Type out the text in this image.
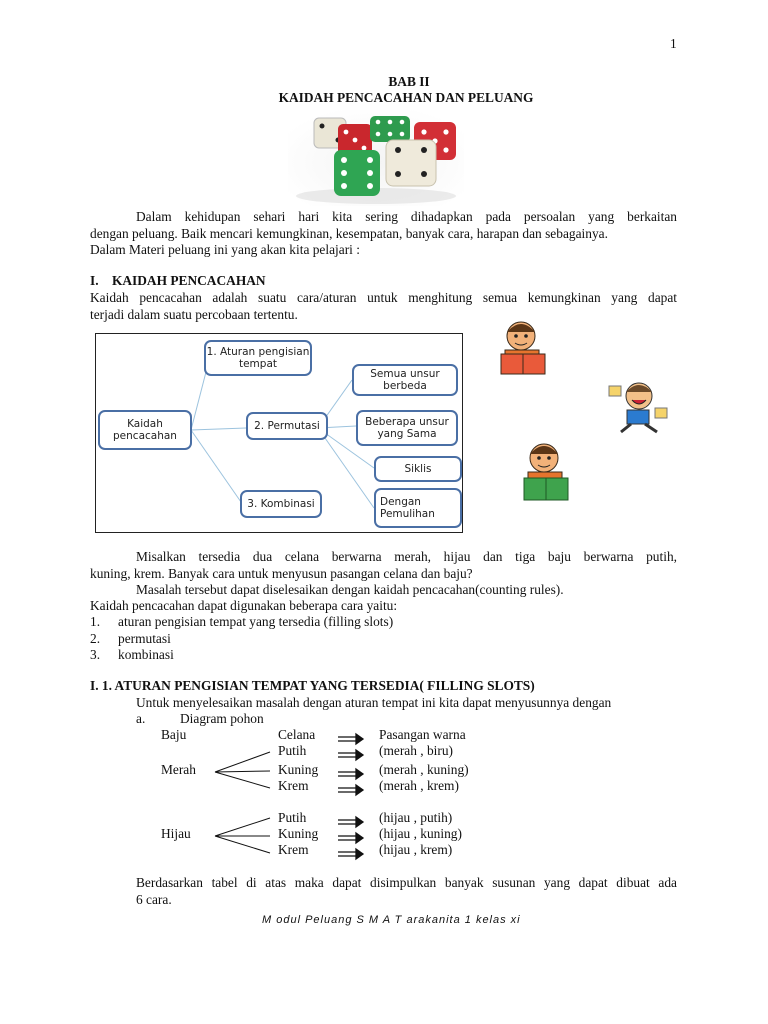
1
BAB II
KAIDAH PENCACAHAN DAN PELUANG
Dalam kehidupan sehari hari kita sering dihadapkan pada persoalan yang berkaitan
dengan peluang. Baik mencari kemungkinan, kesempatan, banyak cara, harapan dan sebagainya.
Dalam Materi peluang ini yang akan kita pelajari :
I. KAIDAH PENCACAHAN
Kaidah pencacahan adalah suatu cara/aturan untuk menghitung semua kemungkinan yang dapat
terjadi dalam suatu percobaan tertentu.
Kaidah pencacahan
1. Aturan pengisian tempat
2. Permutasi
3. Kombinasi
Semua unsur berbeda
Beberapa unsur yang Sama
Siklis
Dengan Pemulihan
Misalkan tersedia dua celana berwarna merah, hijau dan tiga baju berwarna putih,
kuning, krem. Banyak cara untuk menyusun pasangan celana dan baju?
Masalah tersebut dapat diselesaikan dengan kaidah pencacahan(counting rules).
Kaidah pencacahan dapat digunakan beberapa cara yaitu:
1. aturan pengisian tempat yang tersedia (filling slots)
2. permutasi
3. kombinasi
I. 1. ATURAN PENGISIAN TEMPAT YANG TERSEDIA( FILLING SLOTS)
Untuk menyelesaikan masalah dengan aturan tempat ini kita dapat menyusunnya dengan
a.	Diagram pohon
Baju	Celana	Pasangan warna
Putih	(merah , biru)
Merah	Kuning	(merah , kuning)
Krem	(merah , krem)
Putih	(hijau , putih)
Hijau	Kuning	(hijau , kuning)
Krem	(hijau , krem)
Berdasarkan tabel di atas maka dapat disimpulkan banyak susunan yang dapat dibuat ada
6 cara.
M odul Peluang S M A T arakanita 1 kelas xi
